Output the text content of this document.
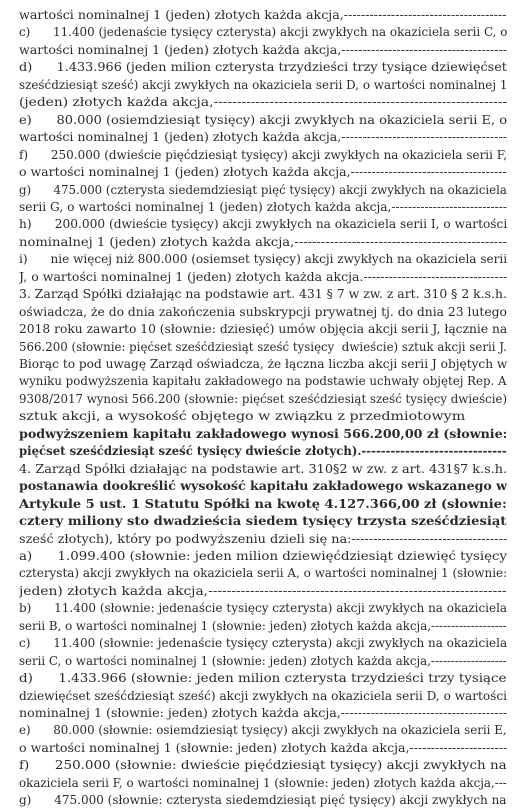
wartości nominalnej 1 (jeden) złotych każda akcja,--------------------------------------
c)      11.400 (jedenaście tysięcy czterysta) akcji zwykłych na okaziciela serii C, o
wartości nominalnej 1 (jeden) złotych każda akcja,---------------------------------------
d)      1.433.966 (jeden milion czterysta trzydzieści trzy tysiące dziewięćset
sześćdziesiąt sześć) akcji zwykłych na okaziciela serii D, o wartości nominalnej 1
(jeden) złotych każda akcja,---------------------------------------------------------------
e)      80.000 (osiemdziesiąt tysięcy) akcji zwykłych na okaziciela serii E, o
wartości nominalnej 1 (jeden) złotych każda akcja,---------------------------------------
f)      250.000 (dwieście pięćdziesiąt tysięcy) akcji zwykłych na okaziciela serii F,
o wartości nominalnej 1 (jeden) złotych każda akcja,-------------------------------------
g)      475.000 (czterysta siedemdziesiąt pięć tysięcy) akcji zwykłych na okaziciela
serii G, o wartości nominalnej 1 (jeden) złotych każda akcja,----------------------------
h)      200.000 (dwieście tysięcy) akcji zwykłych na okaziciela serii I, o wartości
nominalnej 1 (jeden) złotych każda akcja,------------------------------------------------
i)      nie więcej niż 800.000 (osiemset tysięcy) akcji zwykłych na okaziciela serii
J, o wartości nominalnej 1 (jeden) złotych każda akcja.----------------------------------
3. Zarząd Spółki działając na podstawie art. 431 § 7 w zw. z art. 310 § 2 k.s.h.
oświadcza, że do dnia zakończenia subskrypcji prywatnej tj. do dnia 23 lutego
2018 roku zawarto 10 (słownie: dziesięć) umów objęcia akcji serii J, łącznie na
566.200 (słownie: pięćset sześćdziesiąt sześć tysięcy  dwieście) sztuk akcji serii J.
Biorąc to pod uwagę Zarząd oświadcza, że łączna liczba akcji serii J objętych w
wyniku podwyższenia kapitału zakładowego na podstawie uchwały objętej Rep. A
9308/2017 wynosi 566.200 (słownie: pięćset sześćdziesiąt sześć tysięcy dwieście)
sztuk akcji, a wysokość objętego w związku z przedmiotowym
podwyższeniem kapitału zakładowego wynosi 566.200,00 zł (słownie:
pięćset sześćdziesiąt sześć tysięcy dwieście złotych).------------------------------
4. Zarząd Spółki działając na podstawie art. 310§2 w zw. z art. 431§7 k.s.h.
postanawia dookreślić wysokość kapitału zakładowego wskazanego w
Artykule 5 ust. 1 Statutu Spółki na kwotę 4.127.366,00 zł (słownie:
cztery miliony sto dwadzieścia siedem tysięcy trzysta sześćdziesiąt
sześć złotych), który po podwyższeniu dzieli się na:------------------------------------
a)      1.099.400 (słownie: jeden milion dziewięćdziesiąt dziewięć tysięcy
czterysta) akcji zwykłych na okaziciela serii A, o wartości nominalnej 1 (słownie:
jeden) złotych każda akcja,----------------------------------------------------------------
b)      11.400 (słownie: jedenaście tysięcy czterysta) akcji zwykłych na okaziciela
serii B, o wartości nominalnej 1 (słownie: jeden) złotych każda akcja,-------------------
c)      11.400 (słownie: jedenaście tysięcy czterysta) akcji zwykłych na okaziciela
serii C, o wartości nominalnej 1 (słownie: jeden) złotych każda akcja,-------------------
d)      1.433.966 (słownie: jeden milion czterysta trzydzieści trzy tysiące
dziewięćset sześćdziesiąt sześć) akcji zwykłych na okaziciela serii D, o wartości
nominalnej 1 (słownie: jeden) złotych każda akcja,---------------------------------------
e)      80.000 (słownie: osiemdziesiąt tysięcy) akcji zwykłych na okaziciela serii E,
o wartości nominalnej 1 (słownie: jeden) złotych każda akcja,-----------------------
f)      250.000 (słownie: dwieście pięćdziesiąt tysięcy) akcji zwykłych na
okaziciela serii F, o wartości nominalnej 1 (słownie: jeden) złotych każda akcja,---
g)      475.000 (słownie: czterysta siedemdziesiąt pięć tysięcy) akcji zwykłych na
